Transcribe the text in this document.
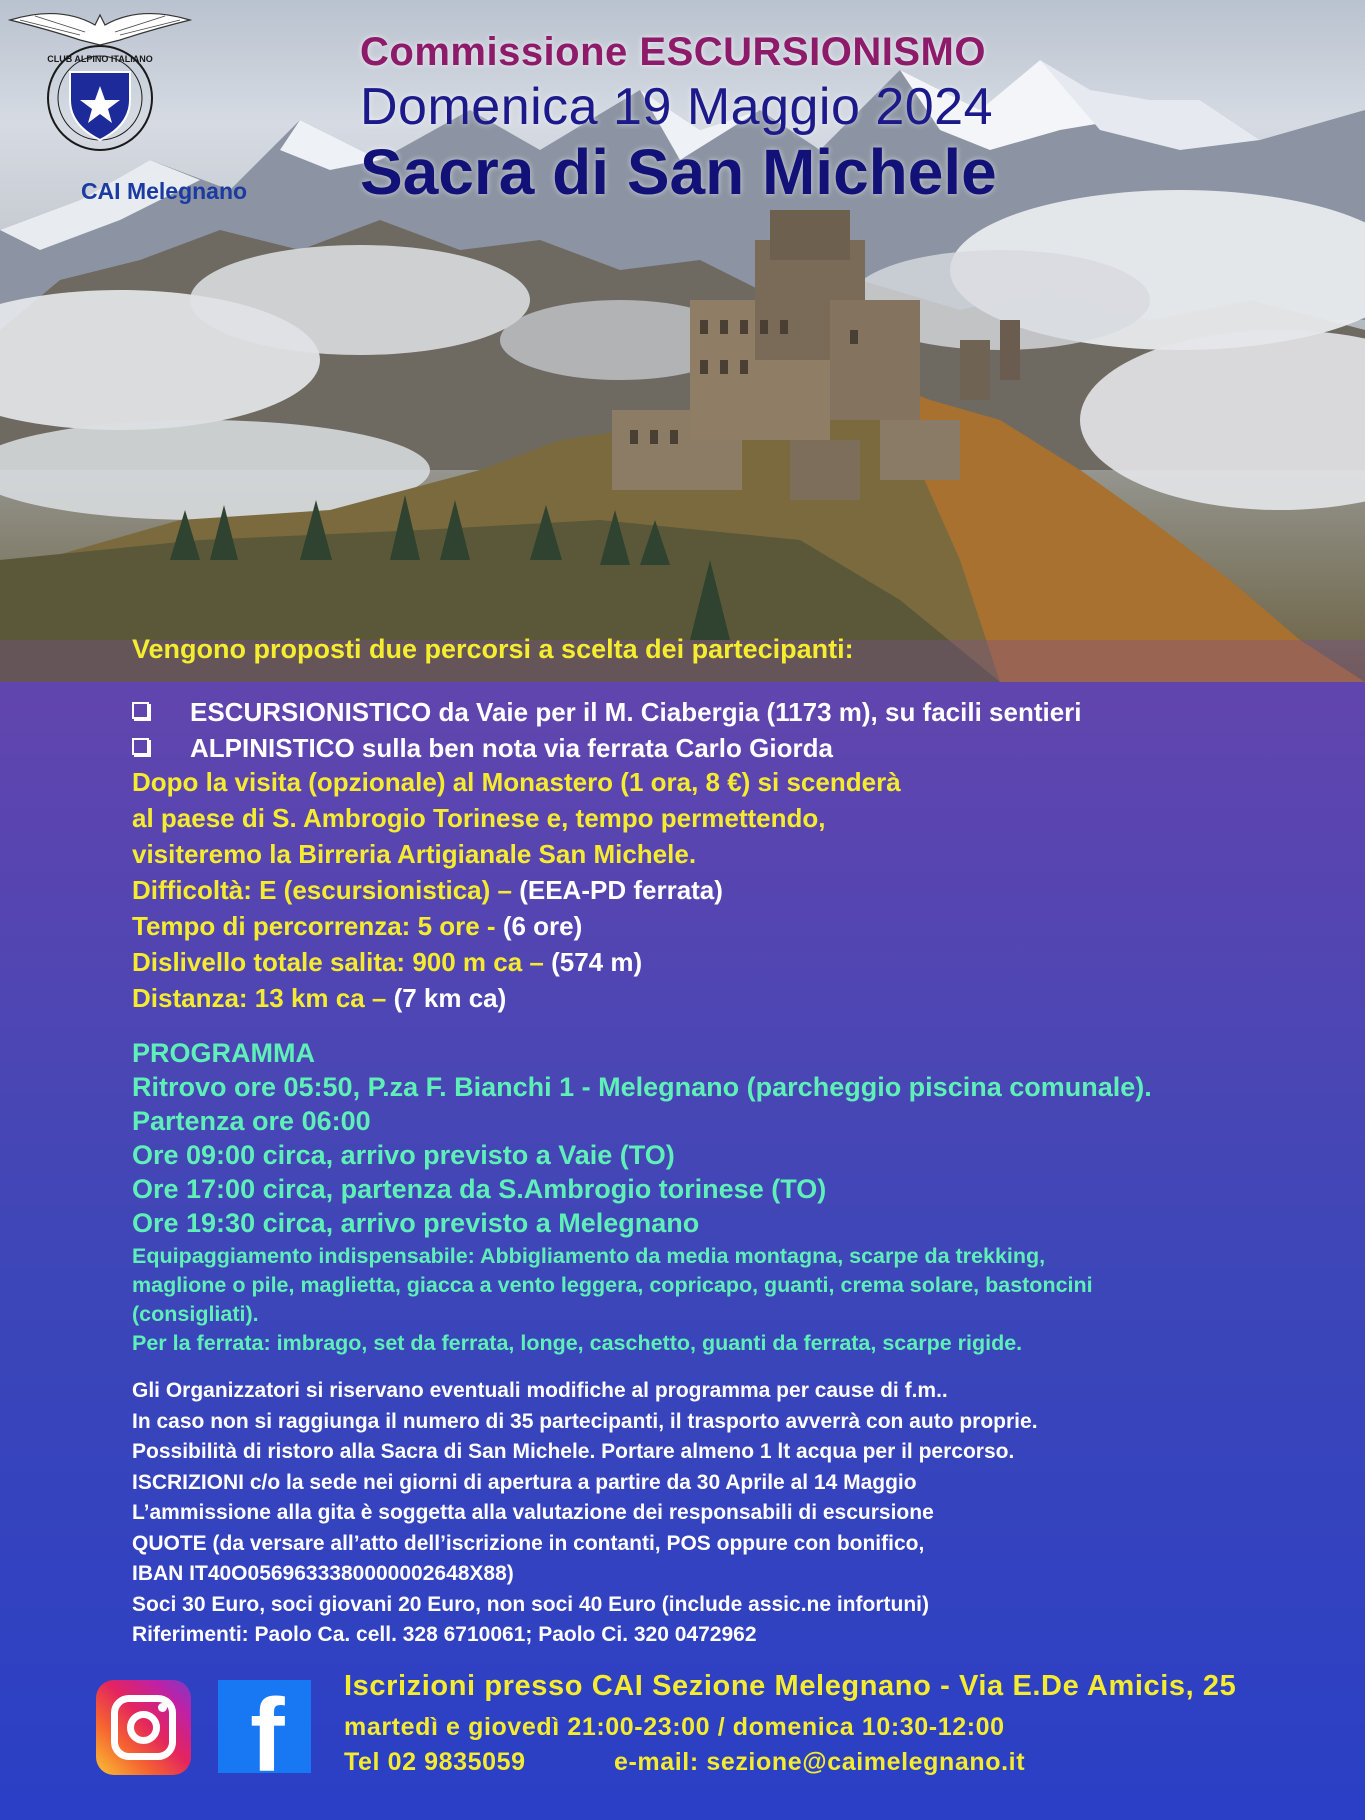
CLUB ALPINO ITALIANO
CAI Melegnano
Commissione ESCURSIONISMO
Domenica 19 Maggio 2024
Sacra di San Michele
Vengono proposti due percorsi a scelta dei partecipanti:
ESCURSIONISTICO da Vaie per il M. Ciabergia (1173 m), su facili sentieri
ALPINISTICO sulla ben nota via ferrata Carlo Giorda
Dopo la visita (opzionale) al Monastero (1 ora, 8 €) si scenderà
al paese di S. Ambrogio Torinese e, tempo permettendo,
visiteremo la Birreria Artigianale San Michele.
Difficoltà: E (escursionistica) – (EEA-PD ferrata)
Tempo di percorrenza: 5 ore - (6 ore)
Dislivello totale salita: 900 m ca – (574 m)
Distanza: 13 km ca – (7 km ca)
PROGRAMMA
Ritrovo ore 05:50, P.za F. Bianchi 1 - Melegnano (parcheggio piscina comunale).
Partenza ore 06:00
Ore 09:00 circa, arrivo previsto a Vaie (TO)
Ore 17:00 circa, partenza da S.Ambrogio torinese (TO)
Ore 19:30 circa, arrivo previsto a Melegnano
Equipaggiamento indispensabile: Abbigliamento da media montagna, scarpe da trekking,
maglione o pile, maglietta, giacca a vento leggera, copricapo, guanti, crema solare, bastoncini
(consigliati).
Per la ferrata: imbrago, set da ferrata, longe, caschetto, guanti da ferrata, scarpe rigide.
Gli Organizzatori si riservano eventuali modifiche al programma per cause di f.m..
In caso non si raggiunga il numero di 35 partecipanti, il trasporto avverrà con auto proprie.
Possibilità di ristoro alla Sacra di San Michele. Portare almeno 1 lt acqua per il percorso.
ISCRIZIONI c/o la sede nei giorni di apertura a partire da 30 Aprile al 14 Maggio
L’ammissione alla gita è soggetta alla valutazione dei responsabili di escursione
QUOTE (da versare all’atto dell’iscrizione in contanti, POS oppure con bonifico,
IBAN IT40O0569633380000002648X88)
Soci 30 Euro, soci giovani 20 Euro, non soci 40 Euro (include assic.ne infortuni)
Riferimenti: Paolo Ca. cell. 328 6710061; Paolo Ci. 320 0472962
f Iscrizioni presso CAI Sezione Melegnano - Via E.De Amicis, 25
martedì e giovedì 21:00-23:00 / domenica 10:30-12:00
Tel 02 9835059	e-mail: sezione@caimelegnano.it
